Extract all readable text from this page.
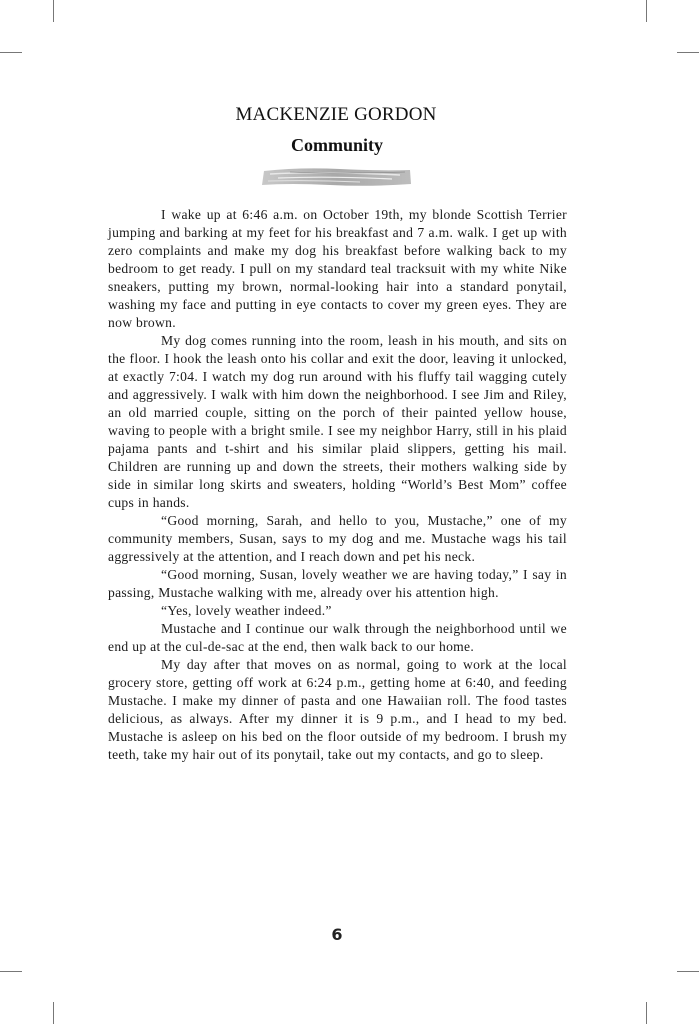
MACKENZIE GORDON
Community

I wake up at 6:46 a.m. on October 19th, my blonde Scottish Terrier jumping and barking at my feet for his breakfast and 7 a.m. walk. I get up with zero complaints and make my dog his breakfast before walking back to my bedroom to get ready. I pull on my standard teal tracksuit with my white Nike sneakers, putting my brown, normal-looking hair into a standard ponytail, washing my face and putting in eye contacts to cover my green eyes. They are now brown.

My dog comes running into the room, leash in his mouth, and sits on the floor. I hook the leash onto his collar and exit the door, leaving it unlocked, at exactly 7:04. I watch my dog run around with his fluffy tail wagging cutely and aggressively. I walk with him down the neighborhood. I see Jim and Riley, an old married couple, sitting on the porch of their painted yellow house, waving to people with a bright smile. I see my neighbor Harry, still in his plaid pajama pants and t-shirt and his similar plaid slippers, getting his mail. Children are running up and down the streets, their mothers walking side by side in similar long skirts and sweaters, holding “World’s Best Mom” coffee cups in hands.

“Good morning, Sarah, and hello to you, Mustache,” one of my community members, Susan, says to my dog and me. Mustache wags his tail aggressively at the attention, and I reach down and pet his neck.

“Good morning, Susan, lovely weather we are having today,” I say in passing, Mustache walking with me, already over his attention high.

“Yes, lovely weather indeed.”

Mustache and I continue our walk through the neighborhood until we end up at the cul-de-sac at the end, then walk back to our home.

My day after that moves on as normal, going to work at the local grocery store, getting off work at 6:24 p.m., getting home at 6:40, and feeding Mustache. I make my dinner of pasta and one Hawaiian roll. The food tastes delicious, as always. After my dinner it is 9 p.m., and I head to my bed. Mustache is asleep on his bed on the floor outside of my bedroom. I brush my teeth, take my hair out of its ponytail, take out my contacts, and go to sleep.

6
